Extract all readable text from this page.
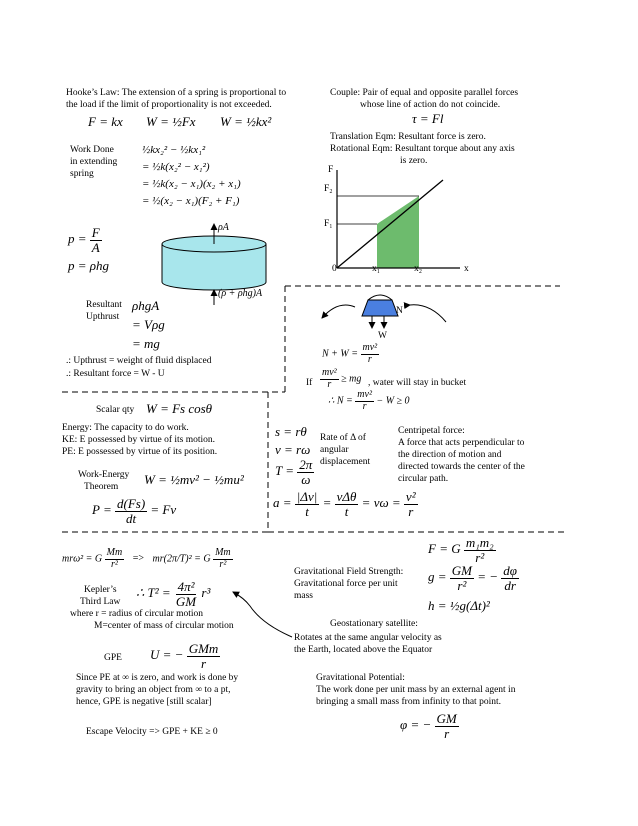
Hooke’s Law: The extension of a spring is proportional to
the load if the limit of proportionality is not exceeded.
F = kx W = ½Fx W = ½kx²
Work Done
in extending
spring
½kx₂² − ½kx₁²
= ½k(x₂² − x₁²)
= ½k(x₂ − x₁)(x₂ + x₁)
= ½(x₂ − x₁)(F₂ + F₁)
$p = \frac{F}{A}$
p = ρhg
ρA
(ρ + ρhg)A
Resultant
Upthrust
ρhgA
= Vρg
= mg
.: Upthrust = weight of fluid displaced
.: Resultant force = W - U
Couple: Pair of equal and opposite parallel forces
whose line of action do not coincide.
τ = Fl
Translation Eqm: Resultant force is zero.
Rotational Eqm: Resultant torque about any axis
is zero.
F
F₂
F₁
0	x₁	x₂	x
N
W
$N + W = \frac{\text{mv²}}{r}$
If $\frac{\text{mv²}}{r}$ ≥ mg , water will stay in bucket
∴ $N = \frac{\text{mv²}}{r} - W \ge 0$
Scalar qty W = Fs cosθ
Energy: The capacity to do work.
KE: E possessed by virtue of its motion.
PE: E possessed by virtue of its position.
Work-Energy
Theorem W = ½mv² − ½mu²
$P = \frac{d(Fs)}{dt} = Fv$
s = rθ
v = rω
$T = \frac{2\pi}{\omega}$
Rate of Δ of
angular
displacement
$a = \frac{|\Delta v|}{t} = \frac{\text{vΔθ}}{t} = v\omega = \frac{\text{v²}}{r}$
Centripetal force:
A force that acts perpendicular to
the direction of motion and
directed towards the center of the
circular path.
mrω² = G $\frac{Mm}{\text{r²}} => mr(2\pi/T)^2 = G \frac{Mm}{\text{r²}}$
Kepler’s
Third Law
∴ $T^2 = \frac{\text{4π²}}{GM} r^3$
where r = radius of circular motion
M=center of mass of circular motion
GPE U = − $\frac{\text{GMm}}{r}$
Since PE at ∞ is zero, and work is done by
gravity to bring an object from ∞ to a pt,
hence, GPE is negative [still scalar]
Escape Velocity => GPE + KE ≥ 0
F = G $\frac{\text{m₁m₂}}{\text{r²}}$
Gravitational Field Strength:
Gravitational force per unit
mass
$g = \frac{GM}{\text{r²}}$ = − $\frac{d\varphi}{dr}$
h = ½g(Δt)²
Geostationary satellite:
Rotates at the same angular velocity as
the Earth, located above the Equator
Gravitational Potential:
The work done per unit mass by an external agent in
bringing a small mass from infinity to that point.
φ = − $\frac{GM}{r}$
